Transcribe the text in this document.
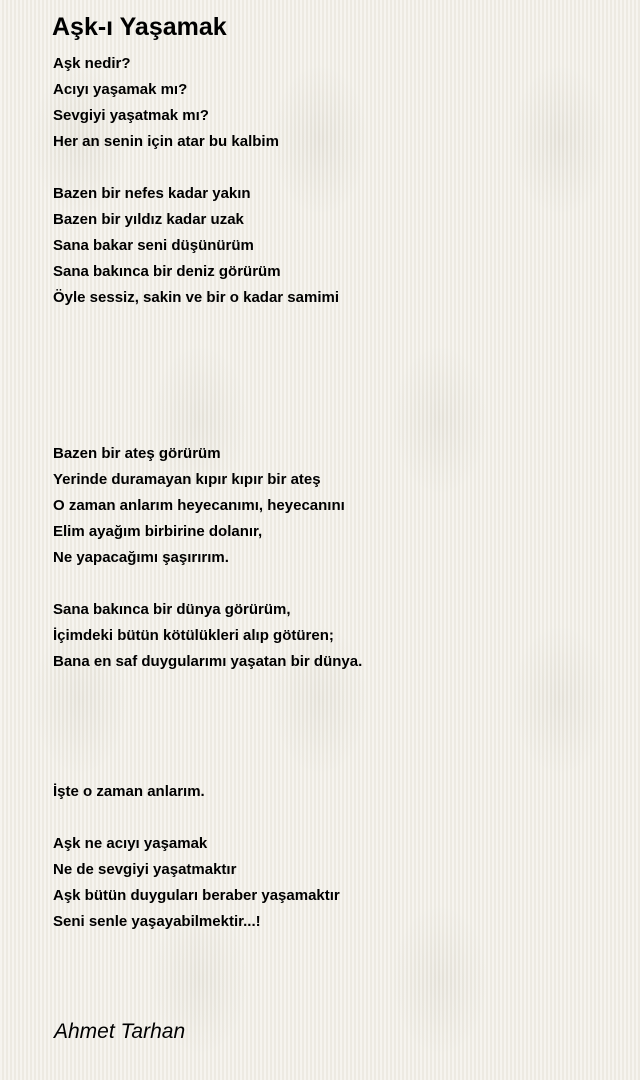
Aşk-ı Yaşamak
Aşk nedir?
Acıyı yaşamak mı?
Sevgiyi yaşatmak mı?
Her an senin için atar bu kalbim
Bazen bir nefes kadar yakın
Bazen bir yıldız kadar uzak
Sana bakar seni düşünürüm
Sana bakınca bir deniz görürüm
Öyle sessiz, sakin ve bir o kadar samimi
Bazen bir ateş görürüm
Yerinde duramayan kıpır kıpır bir ateş
O zaman anlarım heyecanımı, heyecanını
Elim ayağım birbirine dolanır,
Ne yapacağımı şaşırırım.
Sana bakınca bir dünya görürüm,
İçimdeki bütün kötülükleri alıp götüren;
Bana en saf duygularımı yaşatan bir dünya.
İşte o zaman anlarım.
Aşk ne acıyı yaşamak
Ne de sevgiyi yaşatmaktır
Aşk bütün duyguları beraber yaşamaktır
Seni senle yaşayabilmektir...!
Ahmet Tarhan
